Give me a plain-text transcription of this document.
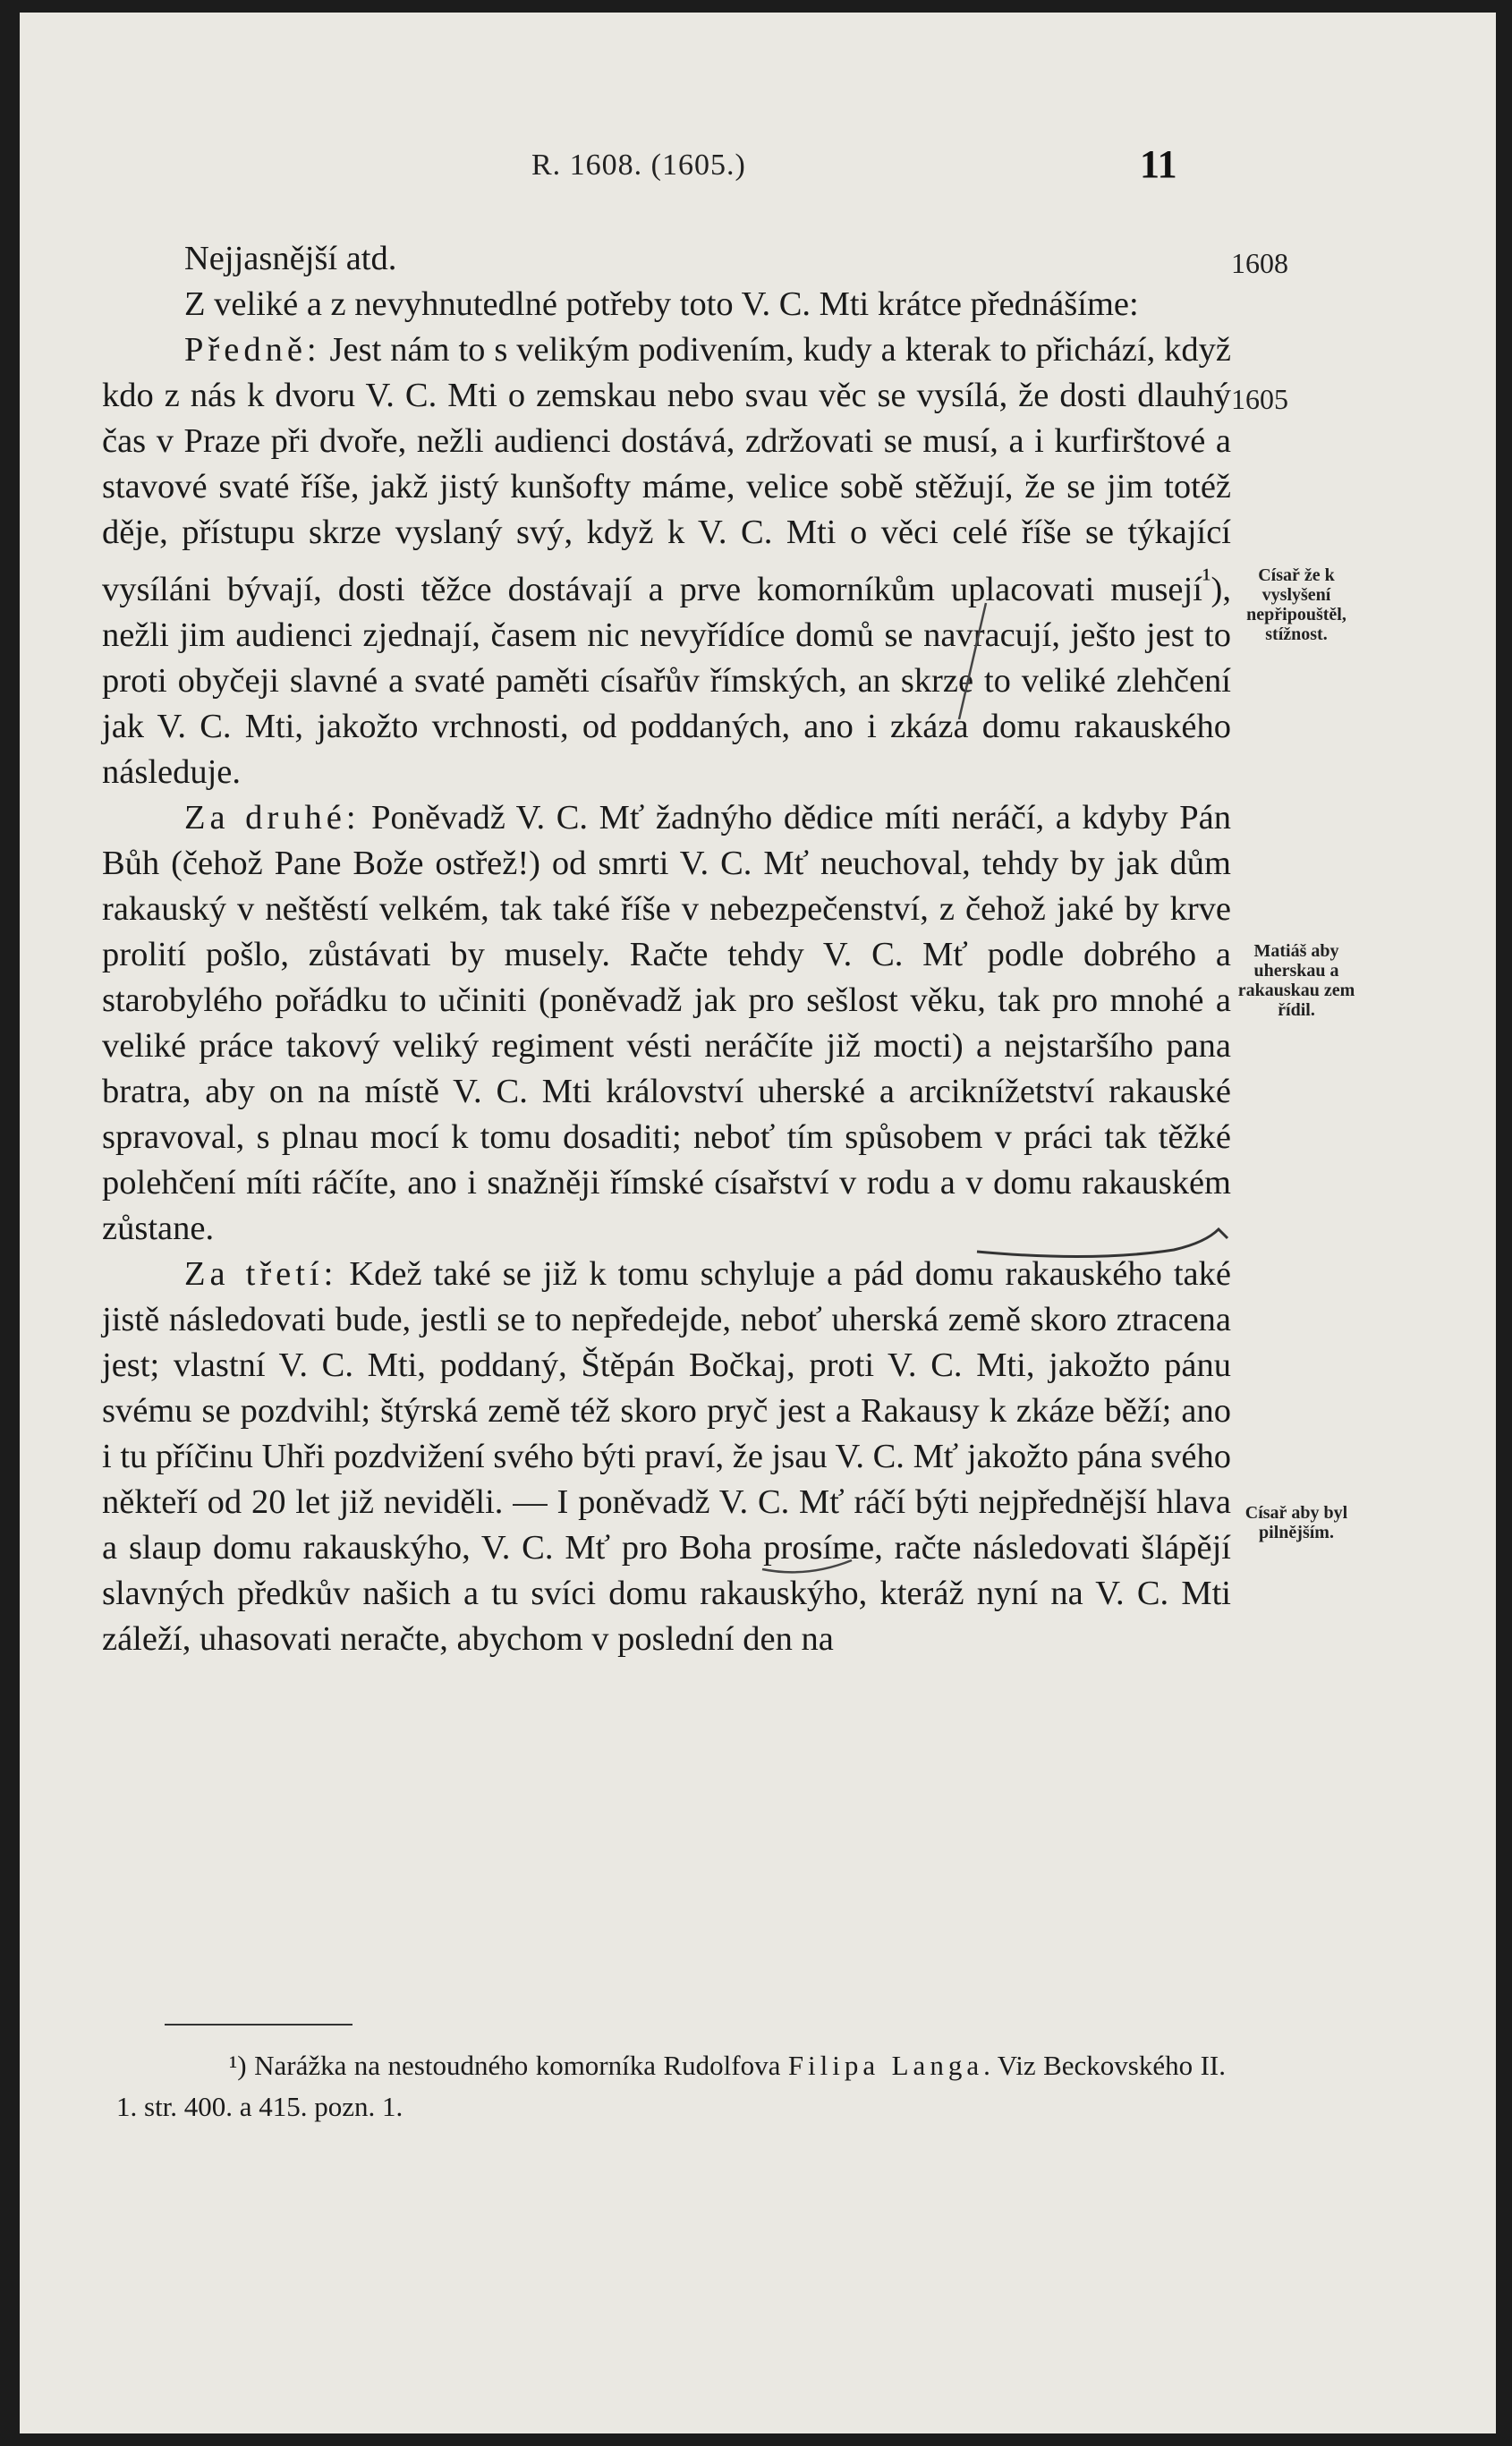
R. 1608. (1605.)	11
1608
1605
Císař že k vyslyšení nepřipouštěl, stížnost.
Matiáš aby uherskau a rakauskau zem řídil.
Císař aby byl pilnějším.

Nejjasnější atd.

Z veliké a z nevyhnutedlné potřeby toto V. C. Mti krátce přednášíme:

Předně: Jest nám to s velikým podivením, kudy a kterak to přichází, když kdo z nás k dvoru V. C. Mti o zemskau nebo svau věc se vysílá, že dosti dlauhý čas v Praze při dvoře, nežli audienci dostává, zdržovati se musí, a i kurfirštové a stavové svaté říše, jakž jistý kunšofty máme, velice sobě stěžují, že se jim totéž děje, přístupu skrze vyslaný svý, když k V. C. Mti o věci celé říše se týkající vysíláni bývají, dosti těžce dostávají a prve komorníkům uplacovati musejí$^{^1}$), nežli jim audienci zjednají, časem nic nevyřídíce domů se navracují, ješto jest to proti obyčeji slavné a svaté paměti císařův římských, an skrze to veliké zlehčení jak V. C. Mti, jakožto vrchnosti, od poddaných, ano i zkáza domu rakauského následuje.

Za druhé: Poněvadž V. C. Mť žadnýho dědice míti neráčí, a kdyby Pán Bůh (čehož Pane Bože ostřež!) od smrti V. C. Mť neuchoval, tehdy by jak dům rakauský v neštěstí velkém, tak také říše v nebezpečenství, z čehož jaké by krve prolití pošlo, zůstávati by musely. Račte tehdy V. C. Mť podle dobrého a starobylého pořádku to učiniti (poněvadž jak pro sešlost věku, tak pro mnohé a veliké práce takový veliký regiment vésti neráčíte již mocti) a nejstaršího pana bratra, aby on na místě V. C. Mti království uherské a arciknížetství rakauské spravoval, s plnau mocí k tomu dosaditi; neboť tím spůsobem v práci tak těžké polehčení míti ráčíte, ano i snažněji římské císařství v rodu a v domu rakauském zůstane.

Za třetí: Kdež také se již k tomu schyluje a pád domu rakauského také jistě následovati bude, jestli se to nepředejde, neboť uherská země skoro ztracena jest; vlastní V. C. Mti, poddaný, Štěpán Bočkaj, proti V. C. Mti, jakožto pánu svému se pozdvihl; štýrská země též skoro pryč jest a Rakausy k zkáze běží; ano i tu příčinu Uhři pozdvižení svého býti praví, že jsau V. C. Mť jakožto pána svého někteří od 20 let již neviděli. — I poněvadž V. C. Mť ráčí býti nejpřednější hlava a slaup domu rakauskýho, V. C. Mť pro Boha prosíme, račte následovati šlápějí slavných předkův našich a tu svíci domu rakauskýho, kteráž nyní na V. C. Mti záleží, uhasovati neračte, abychom v poslední den na

¹) Narážka na nestoudného komorníka Rudolfova Filipa Langa. Viz Beckovského II. 1. str. 400. a 415. pozn. 1.
